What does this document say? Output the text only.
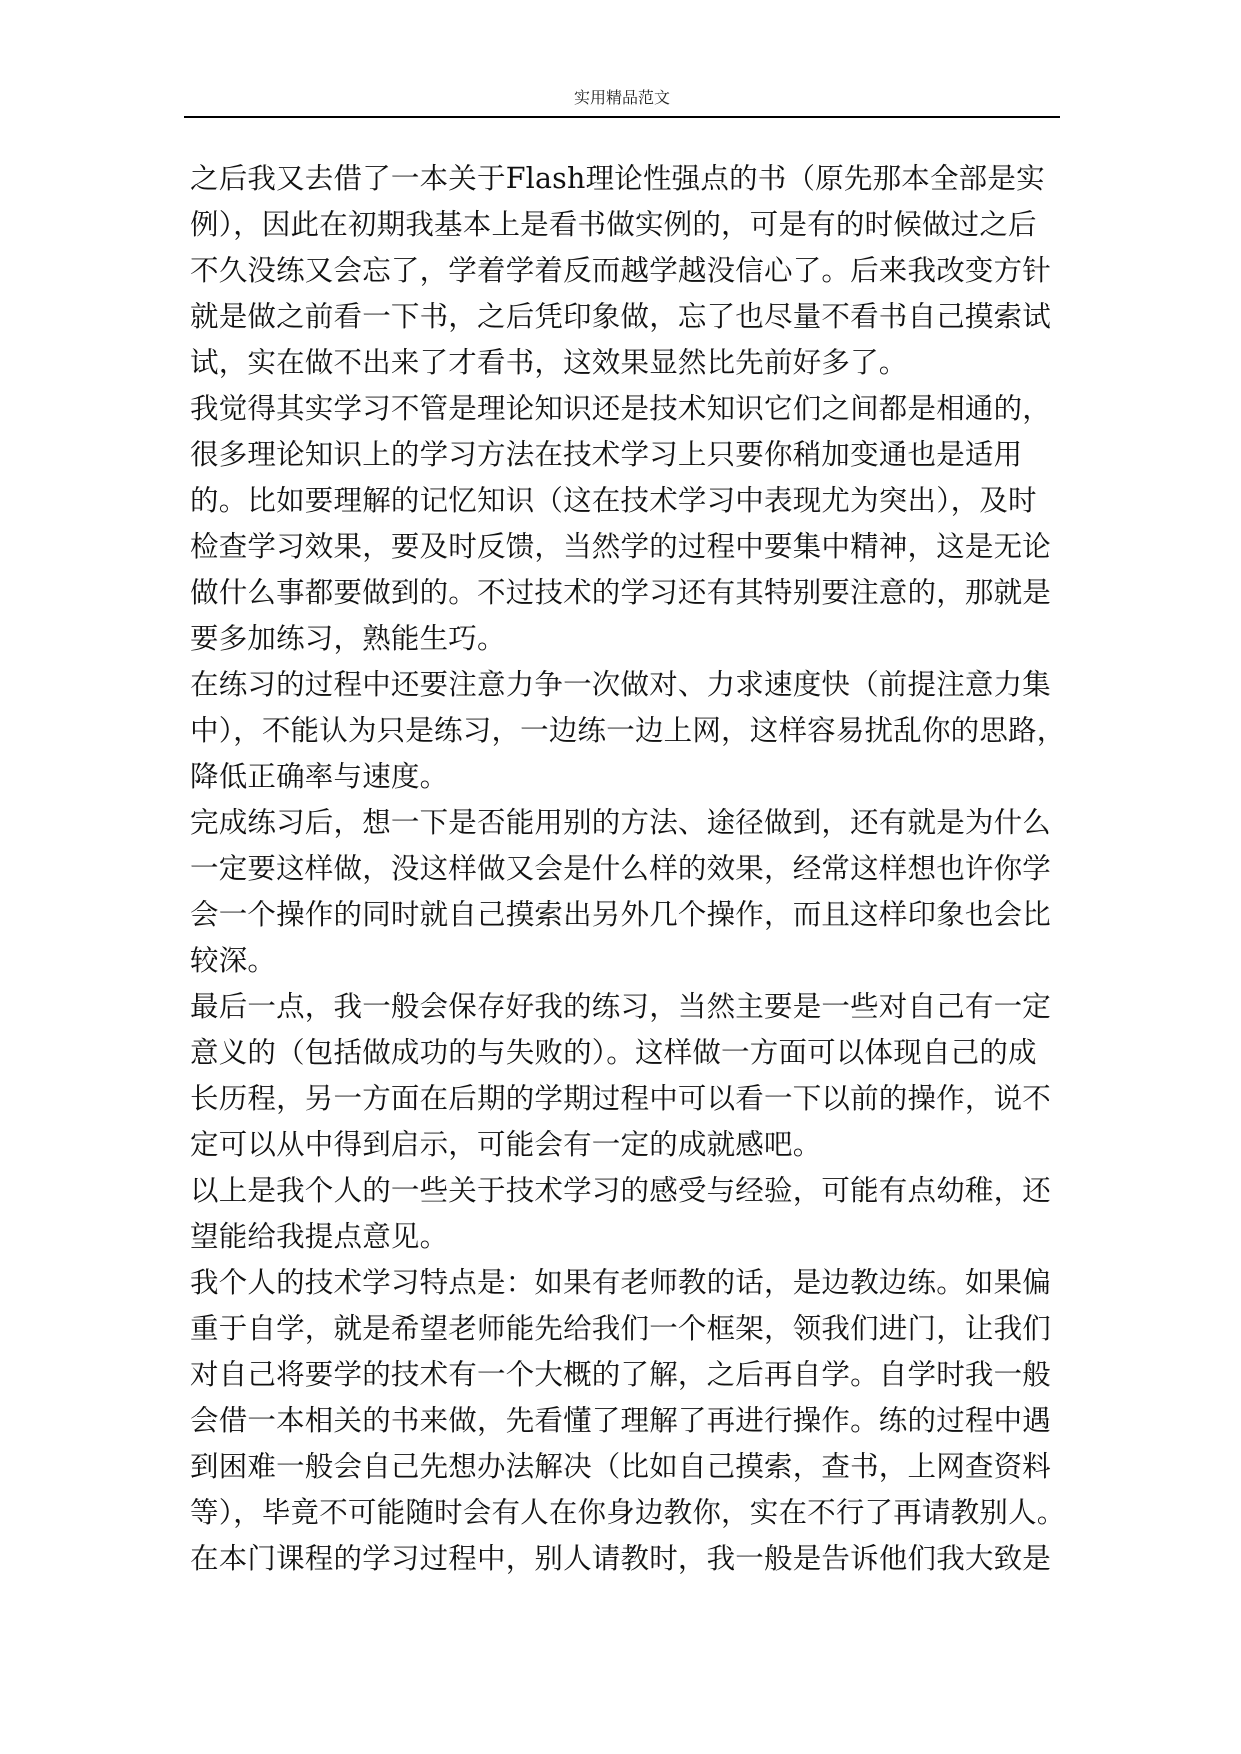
实用精品范文
之后我又去借了一本关于Flash理论性强点的书（原先那本全部是实
例），因此在初期我基本上是看书做实例的，可是有的时候做过之后
不久没练又会忘了，学着学着反而越学越没信心了。后来我改变方针
就是做之前看一下书，之后凭印象做，忘了也尽量不看书自己摸索试
试，实在做不出来了才看书，这效果显然比先前好多了。
我觉得其实学习不管是理论知识还是技术知识它们之间都是相通的，
很多理论知识上的学习方法在技术学习上只要你稍加变通也是适用
的。比如要理解的记忆知识（这在技术学习中表现尤为突出），及时
检查学习效果，要及时反馈，当然学的过程中要集中精神，这是无论
做什么事都要做到的。不过技术的学习还有其特别要注意的，那就是
要多加练习，熟能生巧。
在练习的过程中还要注意力争一次做对、力求速度快（前提注意力集
中），不能认为只是练习，一边练一边上网，这样容易扰乱你的思路，
降低正确率与速度。
完成练习后，想一下是否能用别的方法、途径做到，还有就是为什么
一定要这样做，没这样做又会是什么样的效果，经常这样想也许你学
会一个操作的同时就自己摸索出另外几个操作，而且这样印象也会比
较深。
最后一点，我一般会保存好我的练习，当然主要是一些对自己有一定
意义的（包括做成功的与失败的）。这样做一方面可以体现自己的成
长历程，另一方面在后期的学期过程中可以看一下以前的操作，说不
定可以从中得到启示，可能会有一定的成就感吧。
以上是我个人的一些关于技术学习的感受与经验，可能有点幼稚，还
望能给我提点意见。
我个人的技术学习特点是：如果有老师教的话，是边教边练。如果偏
重于自学，就是希望老师能先给我们一个框架，领我们进门，让我们
对自己将要学的技术有一个大概的了解，之后再自学。自学时我一般
会借一本相关的书来做，先看懂了理解了再进行操作。练的过程中遇
到困难一般会自己先想办法解决（比如自己摸索，查书，上网查资料
等），毕竟不可能随时会有人在你身边教你，实在不行了再请教别人。
在本门课程的学习过程中，别人请教时，我一般是告诉他们我大致是
